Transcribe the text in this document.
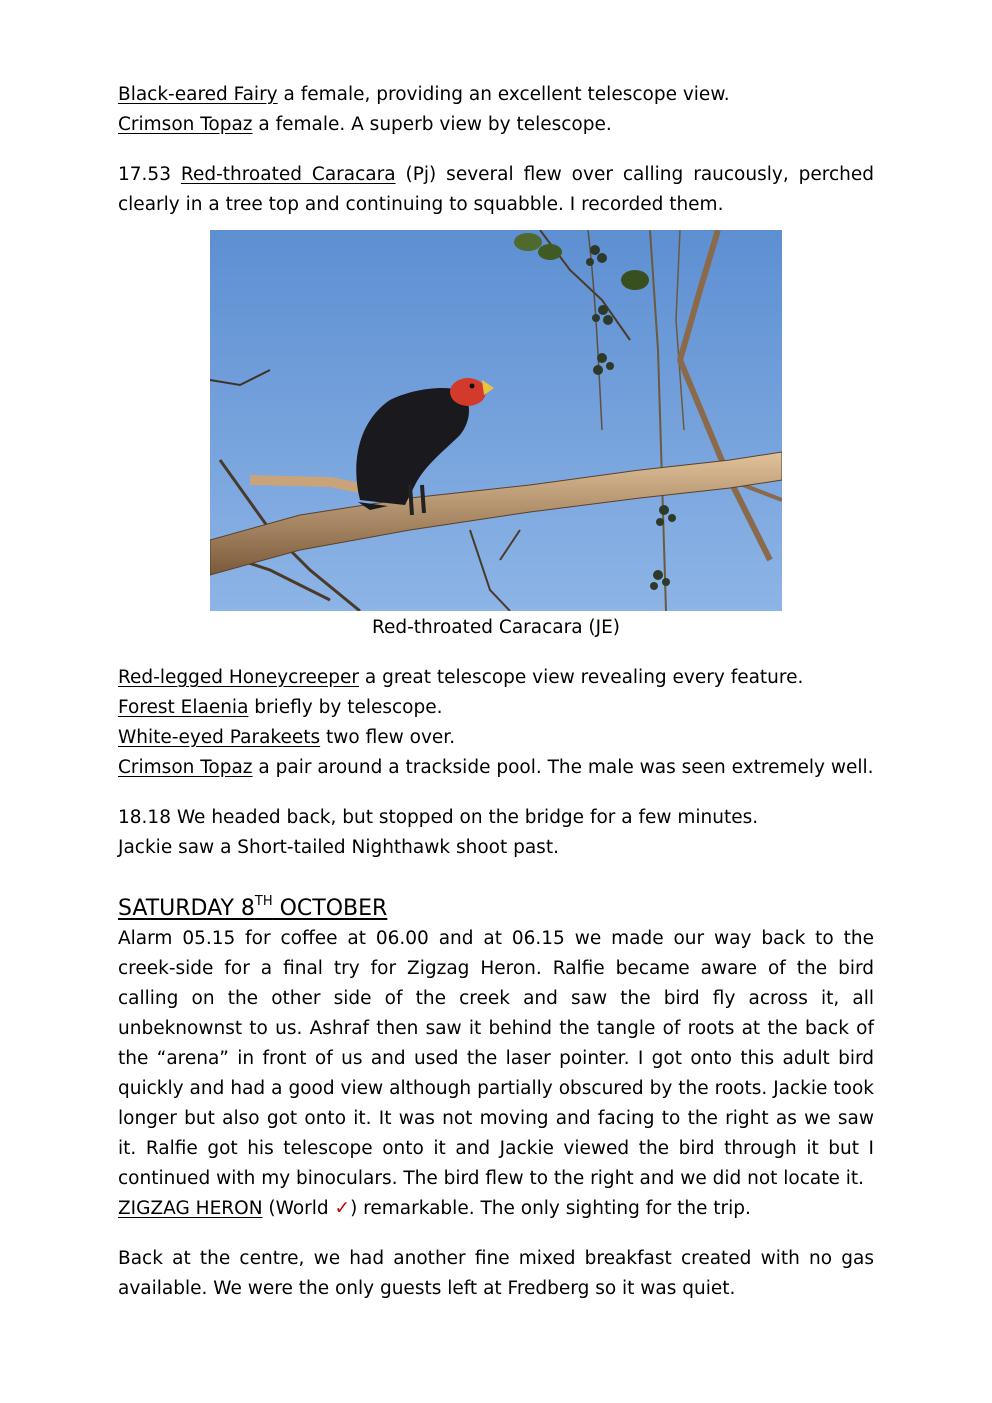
Black-eared Fairy a female, providing an excellent telescope view.

Crimson Topaz a female. A superb view by telescope.

17.53 Red-throated Caracara (Pj) several flew over calling raucously, perched clearly in a tree top and continuing to squabble. I recorded them.

Red-throated Caracara (JE)

Red-legged Honeycreeper a great telescope view revealing every feature.

Forest Elaenia briefly by telescope.

White-eyed Parakeets two flew over.

Crimson Topaz a pair around a trackside pool. The male was seen extremely well.

18.18 We headed back, but stopped on the bridge for a few minutes.

Jackie saw a Short-tailed Nighthawk shoot past.

SATURDAY 8TH OCTOBER

Alarm 05.15 for coffee at 06.00 and at 06.15 we made our way back to the creek-side for a final try for Zigzag Heron. Ralfie became aware of the bird calling on the other side of the creek and saw the bird fly across it, all unbeknownst to us. Ashraf then saw it behind the tangle of roots at the back of the “arena” in front of us and used the laser pointer. I got onto this adult bird quickly and had a good view although partially obscured by the roots. Jackie took longer but also got onto it. It was not moving and facing to the right as we saw it. Ralfie got his telescope onto it and Jackie viewed the bird through it but I continued with my binoculars. The bird flew to the right and we did not locate it.

ZIGZAG HERON (World ✓) remarkable. The only sighting for the trip.

Back at the centre, we had another fine mixed breakfast created with no gas available. We were the only guests left at Fredberg so it was quiet.
